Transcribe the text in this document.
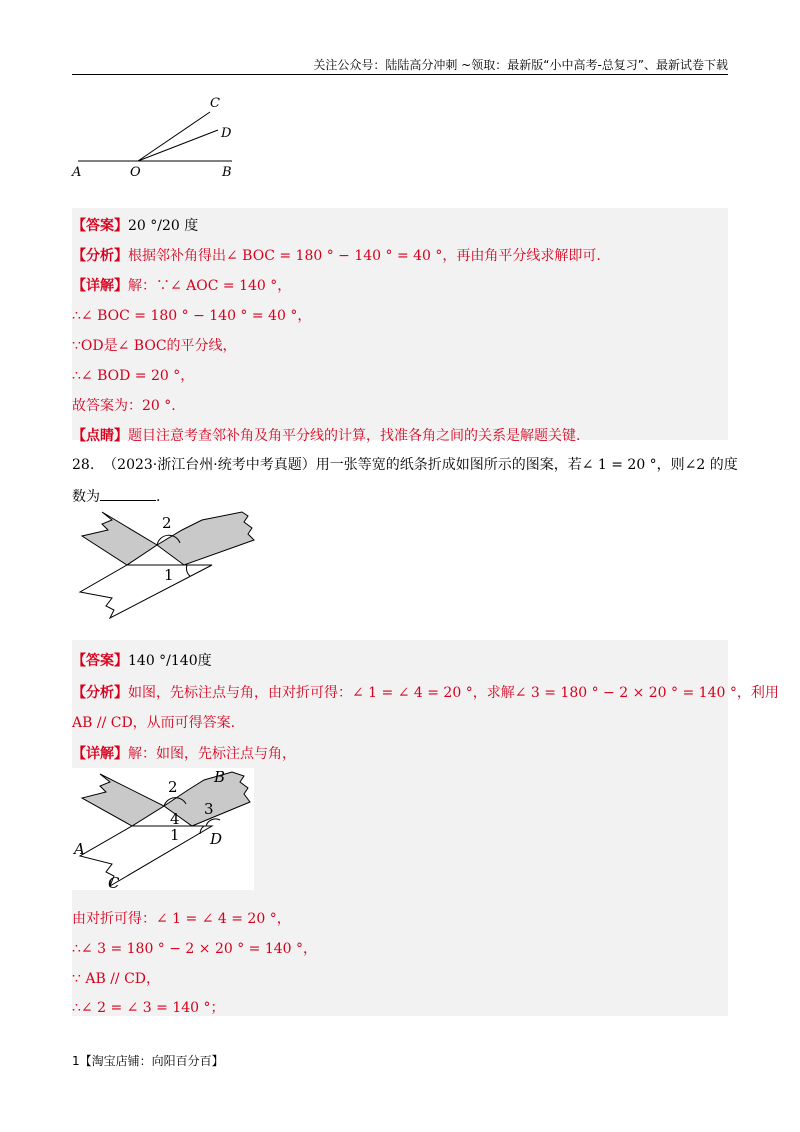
关注公众号：陆陆高分冲刺 ~领取：最新版“小中高考-总复习”、最新试卷下载
A	O	B
C
D
【答案】20 °/20 度
【分析】根据邻补角得出∠ BOC = 180 ° − 140 ° = 40 °，再由角平分线求解即可.
【详解】解：∵∠ AOC = 140 °，
∴∠ BOC = 180 ° − 140 ° = 40 °，
∵OD是∠ BOC的平分线，
∴∠ BOD = 20 °，
故答案为：20 °.
【点睛】题目注意考查邻补角及角平分线的计算，找准各角之间的关系是解题关键.
28. （2023·浙江台州·统考中考真题）用一张等宽的纸条折成如图所示的图案，若∠ 1 = 20 °，则∠2 的度
数为	.
2
1
【答案】140 °/140度
【分析】如图，先标注点与角，由对折可得：∠ 1 = ∠ 4 = 20 °，求解∠ 3 = 180 ° − 2 × 20 ° = 140 °，利用
AB // CD，从而可得答案.
【详解】解：如图，先标注点与角，
2
4
3
1
B
D
A
C
由对折可得：∠ 1 = ∠ 4 = 20 °，
∴∠ 3 = 180 ° − 2 × 20 ° = 140 °，
∵ AB // CD，
∴∠ 2 = ∠ 3 = 140 °；
1【淘宝店铺：向阳百分百】
